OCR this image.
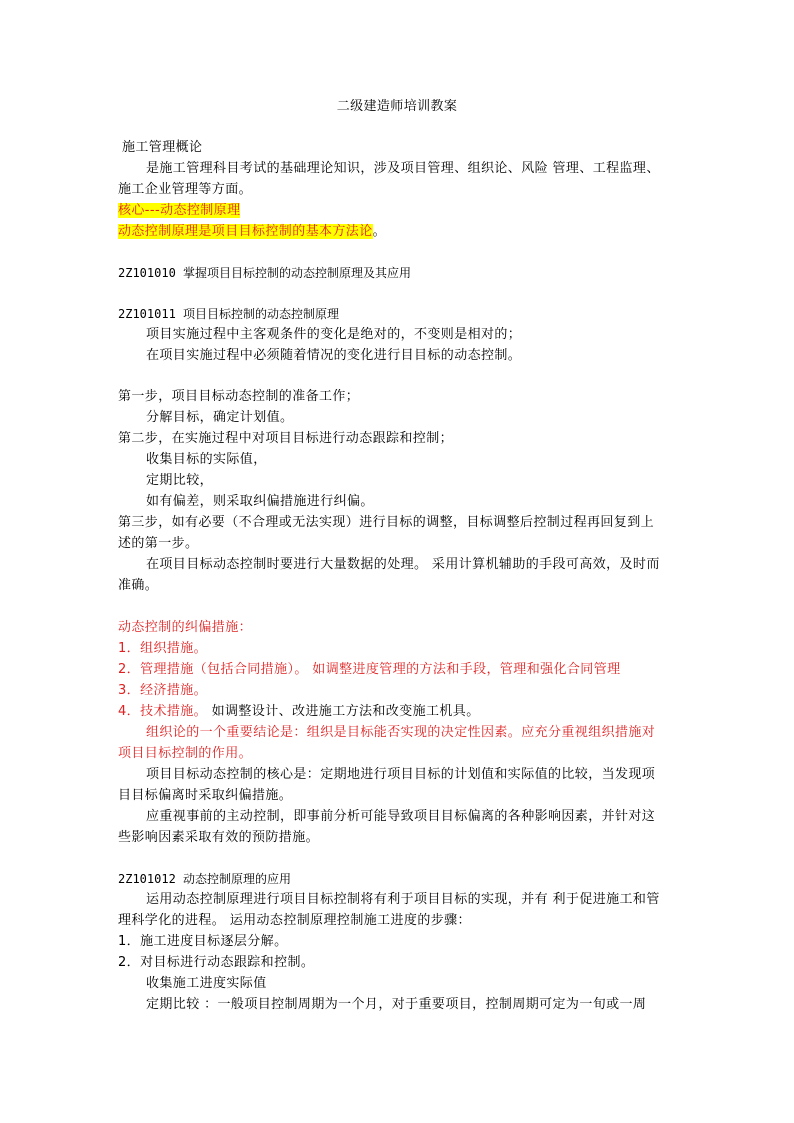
二级建造师培训教案
施工管理概论
是施工管理科目考试的基础理论知识，涉及项目管理、组织论、风险 管理、工程监理、
施工企业管理等方面。
核心---动态控制原理
动态控制原理是项目目标控制的基本方法论。
2Z101010 掌握项目目标控制的动态控制原理及其应用
2Z101011 项目目标控制的动态控制原理
项目实施过程中主客观条件的变化是绝对的，不变则是相对的；
在项目实施过程中必须随着情况的变化进行目目标的动态控制。
第一步，项目目标动态控制的准备工作；
分解目标，确定计划值。
第二步，在实施过程中对项目目标进行动态跟踪和控制；
收集目标的实际值，
定期比较，
如有偏差，则采取纠偏措施进行纠偏。
第三步，如有必要（不合理或无法实现）进行目标的调整，目标调整后控制过程再回复到上
述的第一步。
在项目目标动态控制时要进行大量数据的处理。 采用计算机辅助的手段可高效，及时而
准确。
动态控制的纠偏措施：
1．组织措施。
2．管理措施（包括合同措施）。 如调整进度管理的方法和手段，管理和强化合同管理
3．经济措施。
4．技术措施。 如调整设计、改进施工方法和改变施工机具。
组织论的一个重要结论是：组织是目标能否实现的决定性因素。应充分重视组织措施对
项目目标控制的作用。
项目目标动态控制的核心是：定期地进行项目目标的计划值和实际值的比较，当发现项
目目标偏离时采取纠偏措施。
应重视事前的主动控制，即事前分析可能导致项目目标偏离的各种影响因素，并针对这
些影响因素采取有效的预防措施。
2Z101012 动态控制原理的应用
运用动态控制原理进行项目目标控制将有利于项目目标的实现，并有 利于促进施工和管
理科学化的进程。 运用动态控制原理控制施工进度的步骤：
1．施工进度目标逐层分解。
2．对目标进行动态跟踪和控制。
收集施工进度实际值
定期比较 ：一般项目控制周期为一个月，对于重要项目，控制周期可定为一旬或一周
